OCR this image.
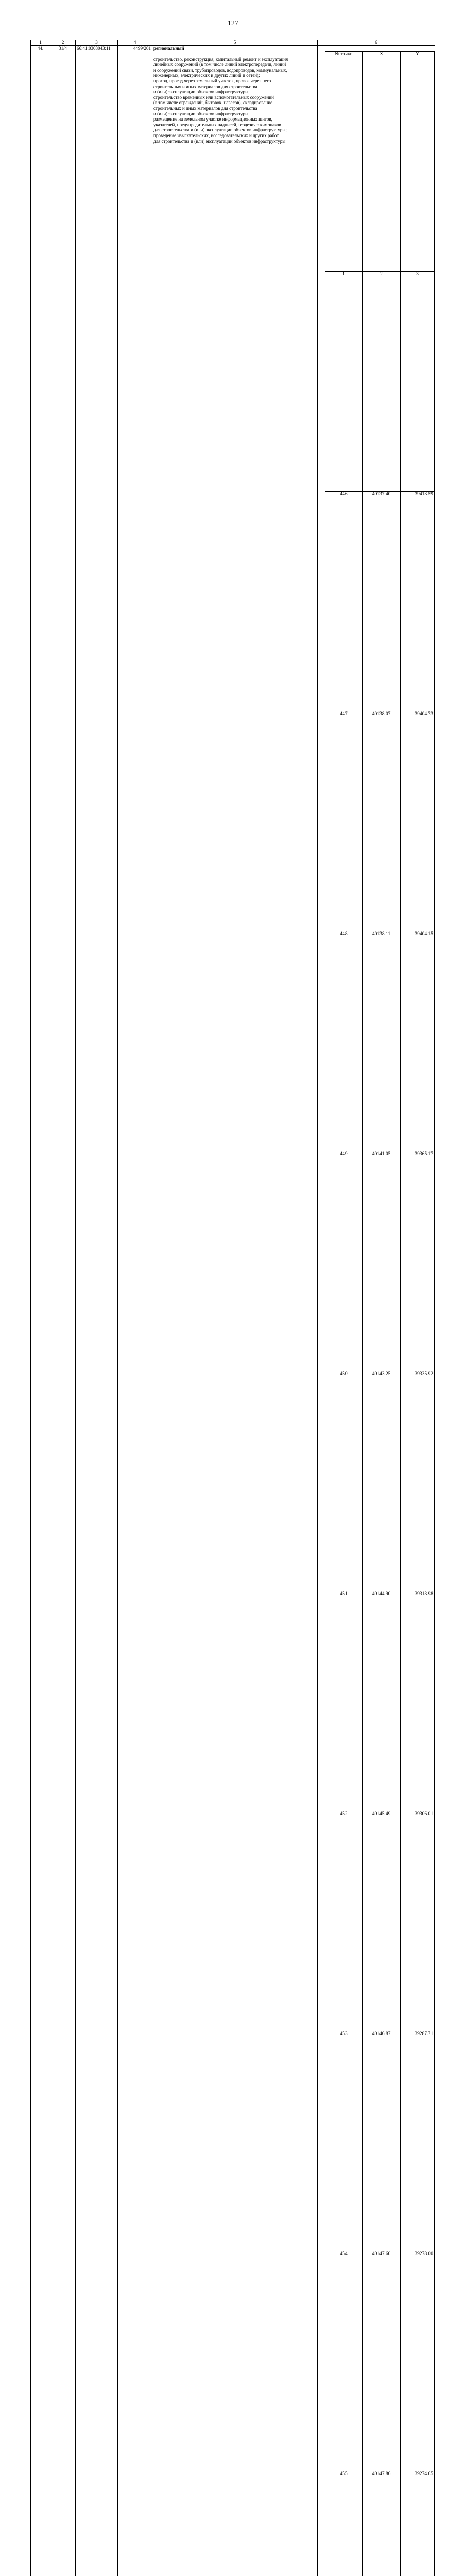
127
1	2	3	4	5	6
44.	31/4	66:41:0303043:11	4499/201	региональный
строительство, реконструкция, капитальный ремонт и эксплуатация
линейных сооружений (в том числе линий электропередачи, линий
и сооружений связи, трубопроводов, водопроводов, коммунальных,
инженерных, электрических и других линий и сетей);
проход, проезд через земельный участок, провоз через него
строительных и иных материалов для строительства
и (или) эксплуатации объектов инфраструктуры;
строительство временных или вспомогательных сооружений
(в том числе ограждений, бытовок, навесов), складирование
строительных и иных материалов для строительства
и (или) эксплуатации объектов инфраструктуры;
размещение на земельном участке информационных щитов,
указателей, предупредительных надписей, геодезических знаков
для строительства и (или) эксплуатации объектов инфраструктуры;
проведение изыскательских, исследовательских и других работ
для строительства и (или) эксплуатации объектов инфраструктуры

№ точки	X	Y
1	2	3
446	40137.40	39413.59
447	40138.07	39404.73
448	40138.11	39404.15
449	40141.05	39365.17
450	40143.25	39335.92
451	40144.90	39313.98
452	40145.49	39306.01
453	40146.87	39287.71
454	40147.60	39278.00
455	40147.86	39274.65
